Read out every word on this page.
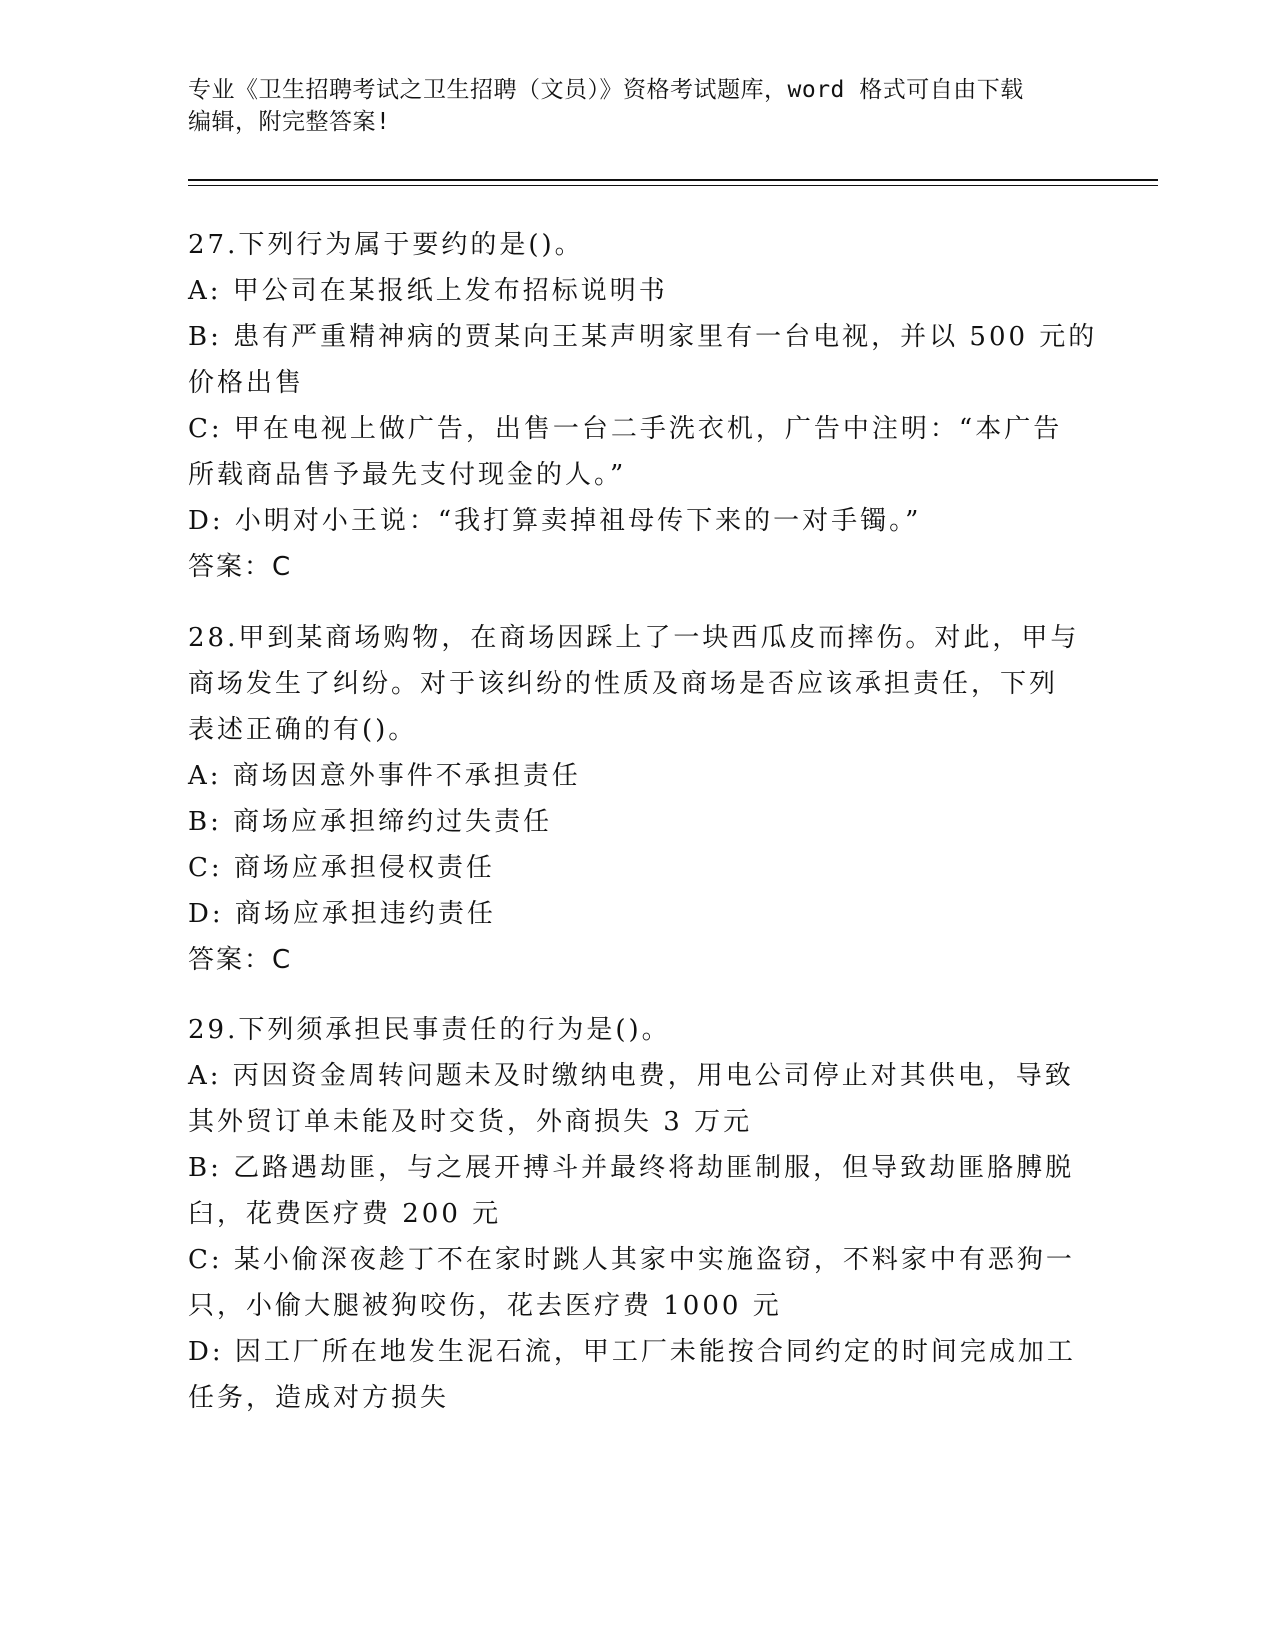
专业《卫生招聘考试之卫生招聘（文员）》资格考试题库，word 格式可自由下载
编辑，附完整答案!
27.下列行为属于要约的是()。
A: 甲公司在某报纸上发布招标说明书
B: 患有严重精神病的贾某向王某声明家里有一台电视，并以 500 元的
价格出售
C: 甲在电视上做广告，出售一台二手洗衣机，广告中注明：“本广告
所载商品售予最先支付现金的人。”
D: 小明对小王说：“我打算卖掉祖母传下来的一对手镯。”
答案：C
28.甲到某商场购物，在商场因踩上了一块西瓜皮而摔伤。对此，甲与
商场发生了纠纷。对于该纠纷的性质及商场是否应该承担责任，下列
表述正确的有()。
A: 商场因意外事件不承担责任
B: 商场应承担缔约过失责任
C: 商场应承担侵权责任
D: 商场应承担违约责任
答案：C
29.下列须承担民事责任的行为是()。
A: 丙因资金周转问题未及时缴纳电费，用电公司停止对其供电，导致
其外贸订单未能及时交货，外商损失 3 万元
B: 乙路遇劫匪，与之展开搏斗并最终将劫匪制服，但导致劫匪胳膊脱
臼，花费医疗费 200 元
C: 某小偷深夜趁丁不在家时跳人其家中实施盗窃，不料家中有恶狗一
只，小偷大腿被狗咬伤，花去医疗费 1000 元
D: 因工厂所在地发生泥石流，甲工厂未能按合同约定的时间完成加工
任务，造成对方损失
